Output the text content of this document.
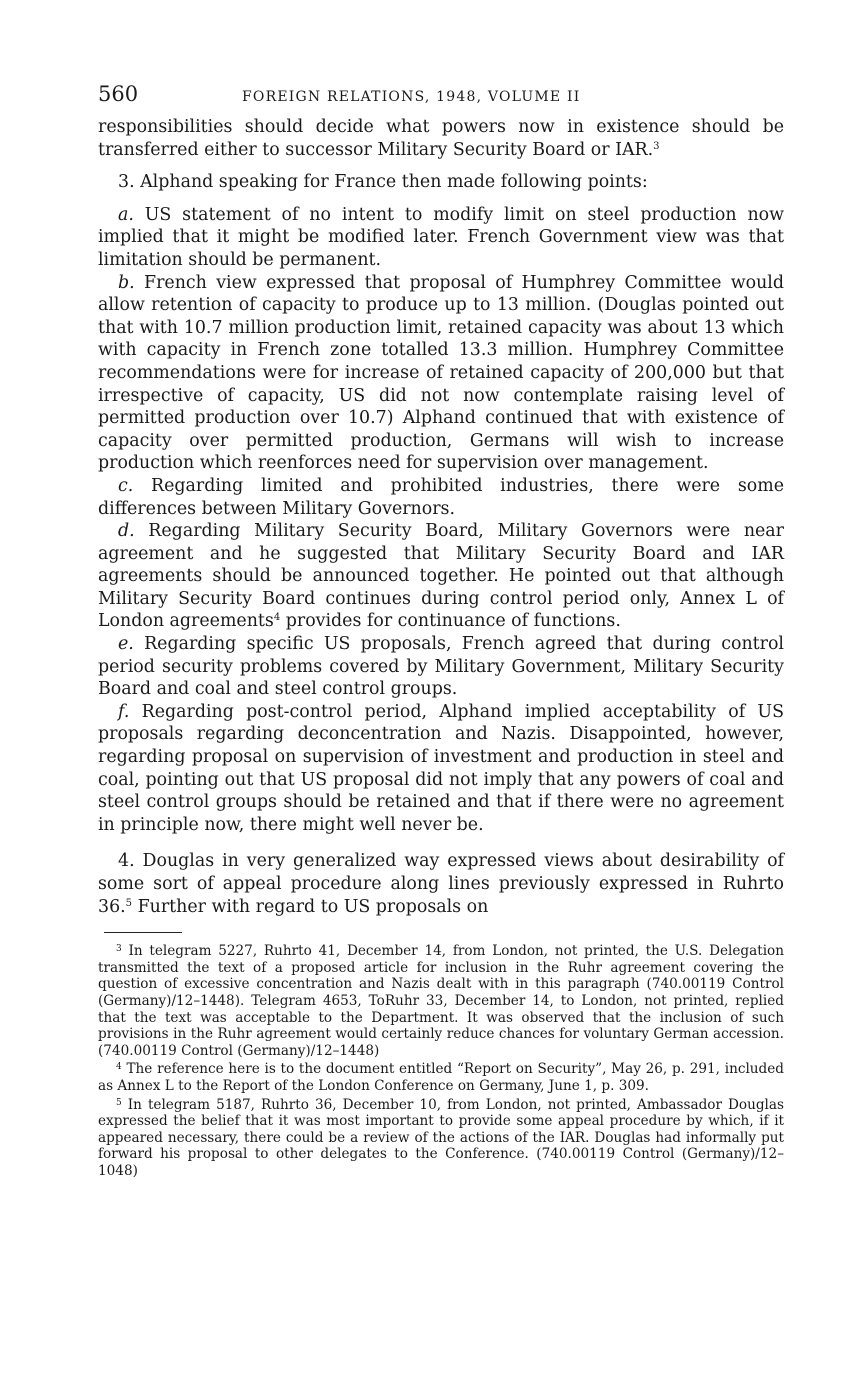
560	FOREIGN RELATIONS, 1948, VOLUME II

responsibilities should decide what powers now in existence should be transferred either to successor Military Security Board or IAR.$^3$

3. Alphand speaking for France then made following points:

a. US statement of no intent to modify limit on steel production now implied that it might be modified later. French Government view was that limitation should be permanent.

b. French view expressed that proposal of Humphrey Committee would allow retention of capacity to produce up to 13 million. (Douglas pointed out that with 10.7 million production limit, retained capacity was about 13 which with capacity in French zone totalled 13.3 million. Humphrey Committee recommendations were for increase of retained capacity of 200,000 but that irrespective of capacity, US did not now contemplate raising level of permitted production over 10.7) Alphand continued that with existence of capacity over permitted production, Germans will wish to increase production which reenforces need for supervision over management.

c. Regarding limited and prohibited industries, there were some differences between Military Governors.

d. Regarding Military Security Board, Military Governors were near agreement and he suggested that Military Security Board and IAR agreements should be announced together. He pointed out that although Military Security Board continues during control period only, Annex L of London agreements$^4$ provides for continuance of functions.

e. Regarding specific US proposals, French agreed that during control period security problems covered by Military Government, Military Security Board and coal and steel control groups.

f. Regarding post-control period, Alphand implied acceptability of US proposals regarding deconcentration and Nazis. Disappointed, however, regarding proposal on supervision of investment and production in steel and coal, pointing out that US proposal did not imply that any powers of coal and steel control groups should be retained and that if there were no agreement in principle now, there might well never be.

4. Douglas in very generalized way expressed views about desirability of some sort of appeal procedure along lines previously expressed in Ruhrto 36.$^5$ Further with regard to US proposals on

$^3$ In telegram 5227, Ruhrto 41, December 14, from London, not printed, the U.S. Delegation transmitted the text of a proposed article for inclusion in the Ruhr agreement covering the question of excessive concentration and Nazis dealt with in this paragraph (740.00119 Control (Germany)/12–1448). Telegram 4653, ToRuhr 33, December 14, to London, not printed, replied that the text was acceptable to the Department. It was observed that the inclusion of such provisions in the Ruhr agreement would certainly reduce chances for voluntary German accession. (740.00119 Control (Germany)/12–1448)

$^4$ The reference here is to the document entitled “Report on Security”, May 26, p. 291, included as Annex L to the Report of the London Conference on Germany, June 1, p. 309.

$^5$ In telegram 5187, Ruhrto 36, December 10, from London, not printed, Ambassador Douglas expressed the belief that it was most important to provide some appeal procedure by which, if it appeared necessary, there could be a review of the actions of the IAR. Douglas had informally put forward his proposal to other delegates to the Conference. (740.00119 Control (Germany)/12–1048)
